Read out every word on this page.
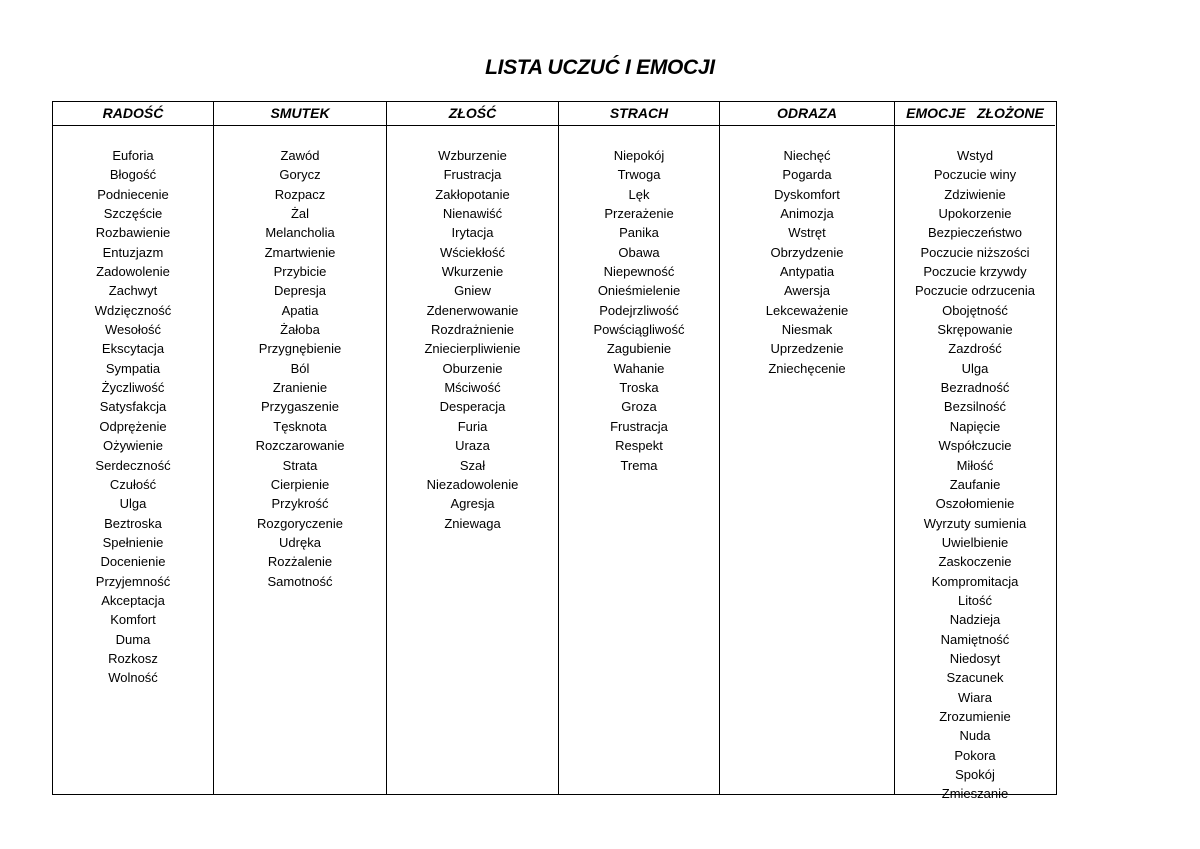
LISTA UCZUĆ I EMOCJI
RADOŚĆ
Euforia
Błogość
Podniecenie
Szczęście
Rozbawienie
Entuzjazm
Zadowolenie
Zachwyt
Wdzięczność
Wesołość
Ekscytacja
Sympatia
Życzliwość
Satysfakcja
Odprężenie
Ożywienie
Serdeczność
Czułość
Ulga
Beztroska
Spełnienie
Docenienie
Przyjemność
Akceptacja
Komfort
Duma
Rozkosz
Wolność
SMUTEK
Zawód
Gorycz
Rozpacz
Żal
Melancholia
Zmartwienie
Przybicie
Depresja
Apatia
Żałoba
Przygnębienie
Ból
Zranienie
Przygaszenie
Tęsknota
Rozczarowanie
Strata
Cierpienie
Przykrość
Rozgoryczenie
Udręka
Rozżalenie
Samotność
ZŁOŚĆ
Wzburzenie
Frustracja
Zakłopotanie
Nienawiść
Irytacja
Wściekłość
Wkurzenie
Gniew
Zdenerwowanie
Rozdrażnienie
Zniecierpliwienie
Oburzenie
Mściwość
Desperacja
Furia
Uraza
Szał
Niezadowolenie
Agresja
Zniewaga
STRACH
Niepokój
Trwoga
Lęk
Przerażenie
Panika
Obawa
Niepewność
Onieśmielenie
Podejrzliwość
Powściągliwość
Zagubienie
Wahanie
Troska
Groza
Frustracja
Respekt
Trema
ODRAZA
Niechęć
Pogarda
Dyskomfort
Animozja
Wstręt
Obrzydzenie
Antypatia
Awersja
Lekceważenie
Niesmak
Uprzedzenie
Zniechęcenie
EMOCJE   ZŁOŻONE
Wstyd
Poczucie winy
Zdziwienie
Upokorzenie
Bezpieczeństwo
Poczucie niższości
Poczucie krzywdy
Poczucie odrzucenia
Obojętność
Skrępowanie
Zazdrość
Ulga
Bezradność
Bezsilność
Napięcie
Współczucie
Miłość
Zaufanie
Oszołomienie
Wyrzuty sumienia
Uwielbienie
Zaskoczenie
Kompromitacja
Litość
Nadzieja
Namiętność
Niedosyt
Szacunek
Wiara
Zrozumienie
Nuda
Pokora
Spokój
Zmieszanie
